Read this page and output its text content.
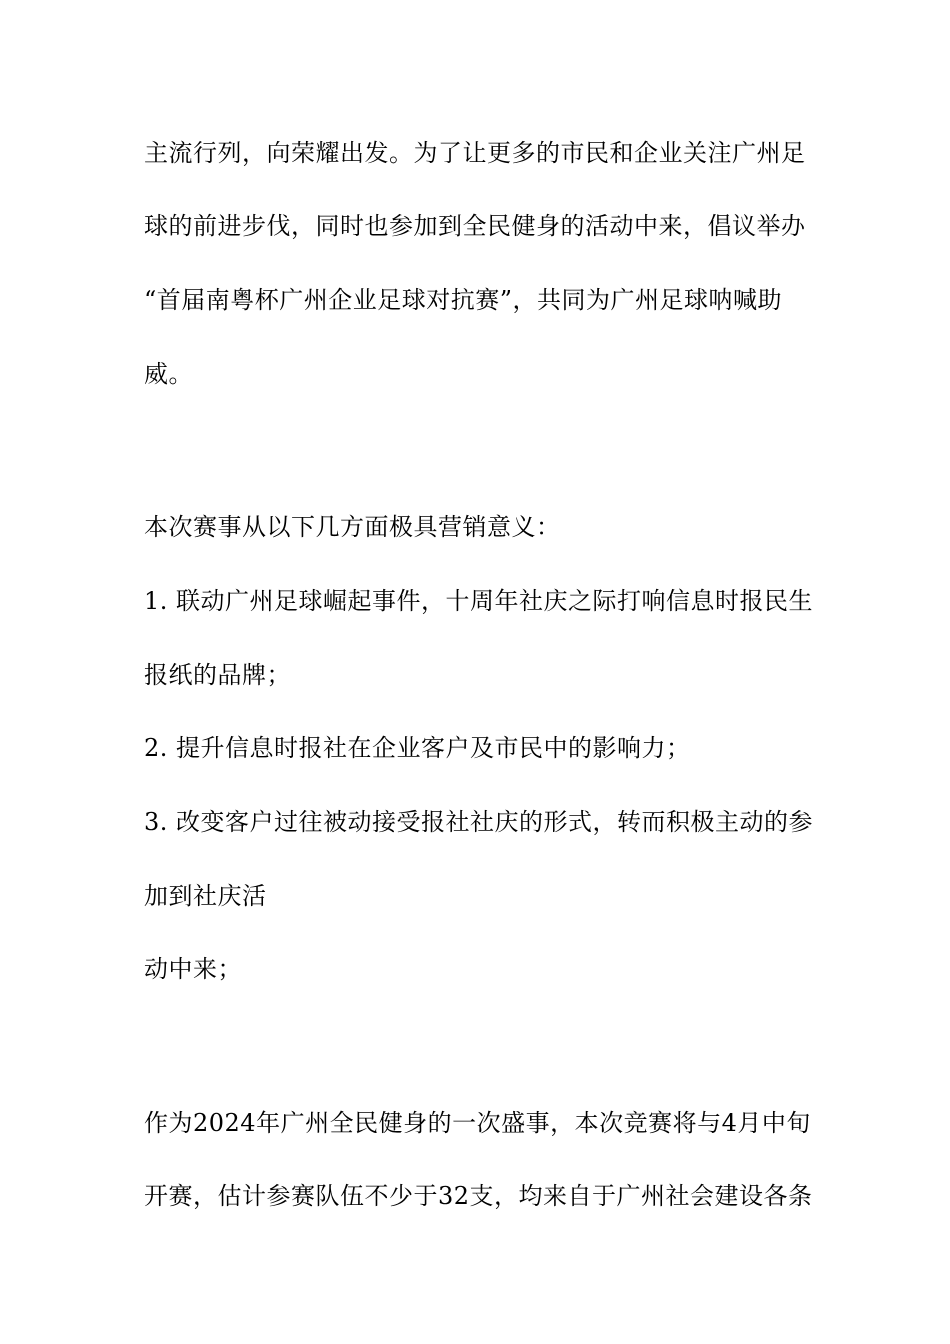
主流行列，向荣耀出发。为了让更多的市民和企业关注广州足
球的前进步伐，同时也参加到全民健身的活动中来，倡议举办
“首届南粤杯广州企业足球对抗赛”，共同为广州足球呐喊助
威。
本次赛事从以下几方面极具营销意义：
1. 联动广州足球崛起事件，十周年社庆之际打响信息时报民生
报纸的品牌；
2. 提升信息时报社在企业客户及市民中的影响力；
3. 改变客户过往被动接受报社社庆的形式，转而积极主动的参
加到社庆活
动中来；
作为2024年广州全民健身的一次盛事，本次竞赛将与4月中旬
开赛，估计参赛队伍不少于32支，均来自于广州社会建设各条
